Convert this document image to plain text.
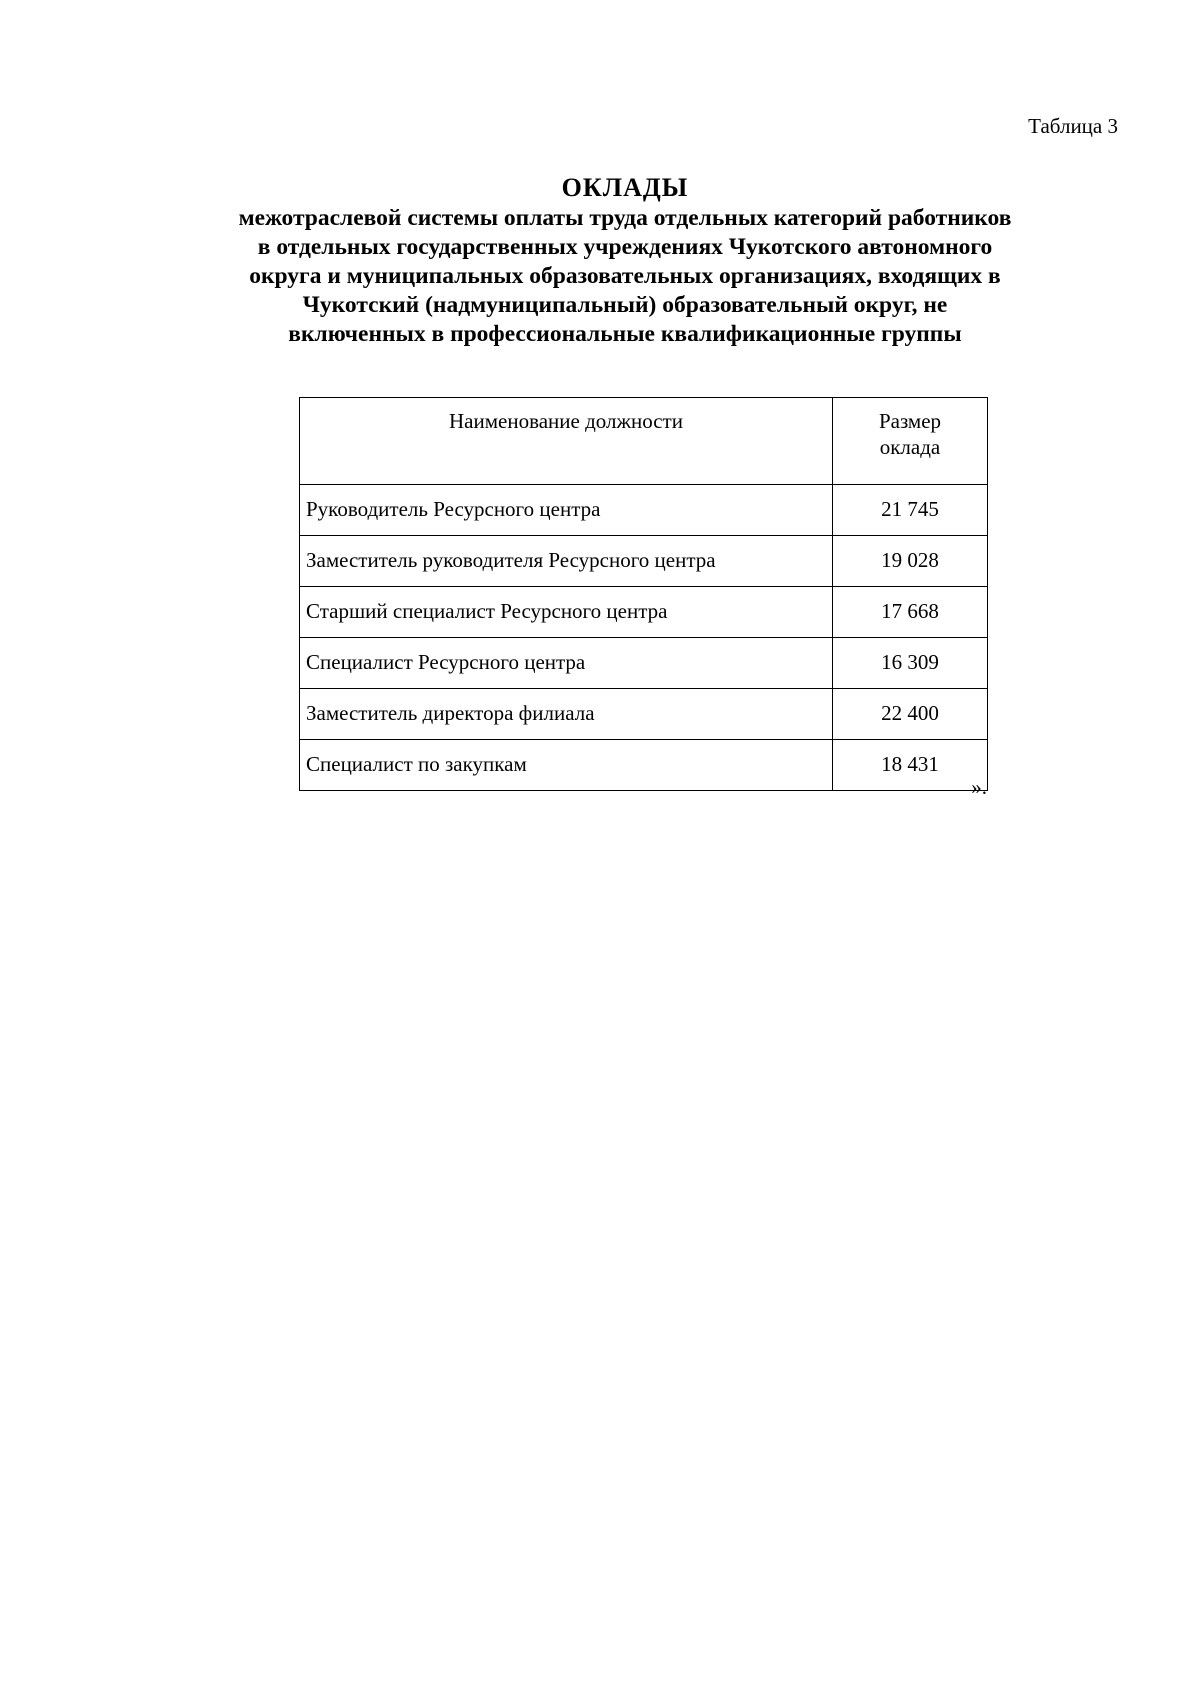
Таблица 3
ОКЛАДЫ
межотраслевой системы оплаты труда отдельных категорий работников
в отдельных государственных учреждениях Чукотского автономного
округа и муниципальных образовательных организациях, входящих в
Чукотский (надмуниципальный) образовательный округ, не
включенных в профессиональные квалификационные группы
Наименование должности	Размер
оклада

Руководитель Ресурсного центра	21 745
Заместитель руководителя Ресурсного центра	19 028
Старший специалист Ресурсного центра	17 668
Специалист Ресурсного центра	16 309
Заместитель директора филиала	22 400
Специалист по закупкам	18 431
».
